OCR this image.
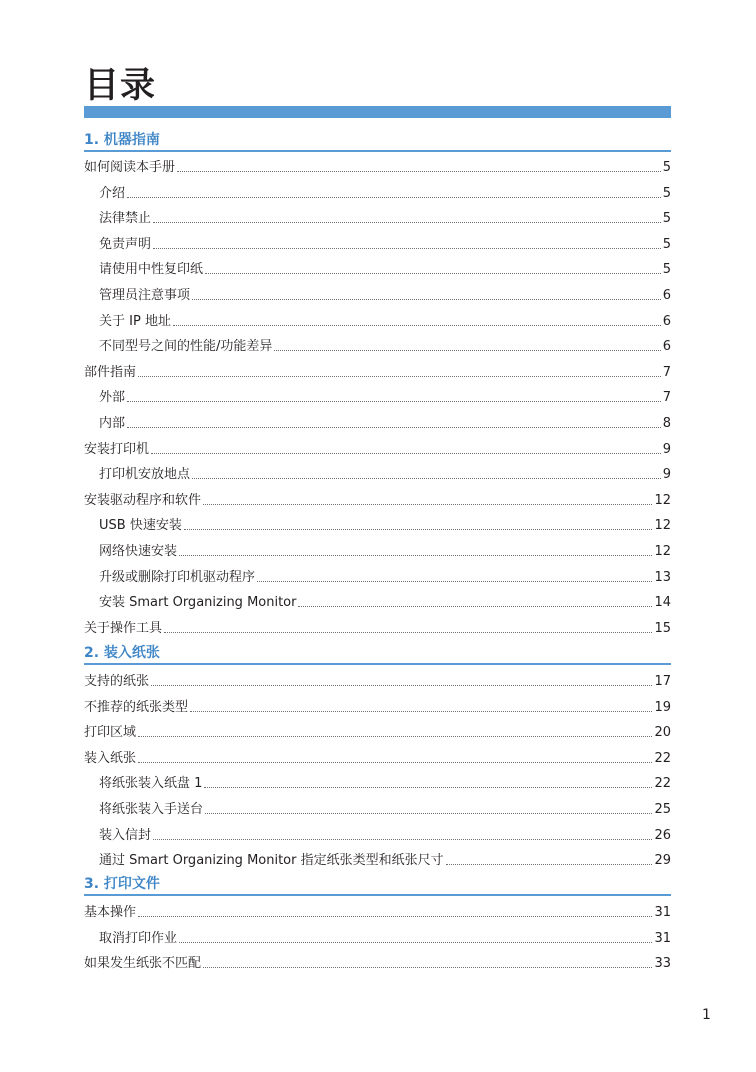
目录
1. 机器指南
如何阅读本手册	5
介绍	5
法律禁止	5
免责声明	5
请使用中性复印纸	5
管理员注意事项	6
关于 IP 地址	6
不同型号之间的性能/功能差异	6
部件指南	7
外部	7
内部	8
安装打印机	9
打印机安放地点	9
安装驱动程序和软件	12
USB 快速安装	12
网络快速安装	12
升级或删除打印机驱动程序	13
安装 Smart Organizing Monitor	14
关于操作工具	15
2. 装入纸张
支持的纸张	17
不推荐的纸张类型	19
打印区域	20
装入纸张	22
将纸张装入纸盘 1	22
将纸张装入手送台	25
装入信封	26
通过 Smart Organizing Monitor 指定纸张类型和纸张尺寸	29
3. 打印文件
基本操作	31
取消打印作业	31
如果发生纸张不匹配	33
1
